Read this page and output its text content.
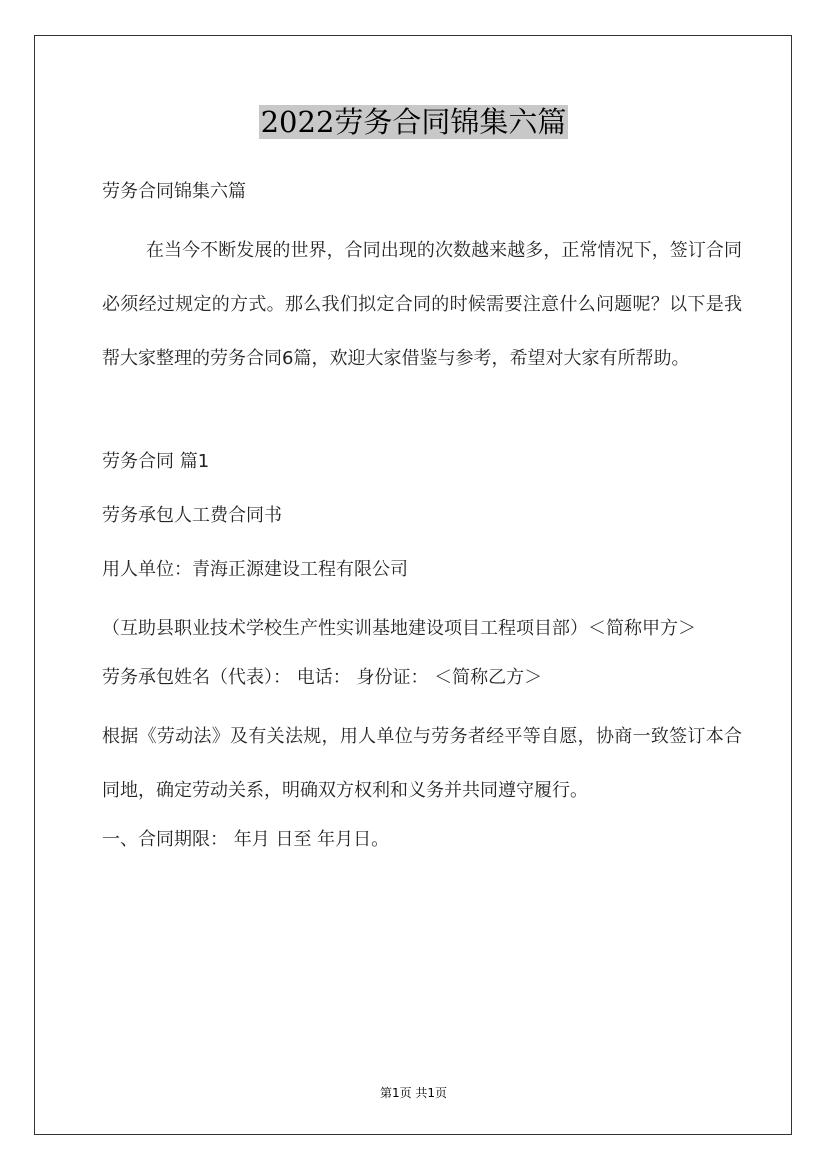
2022劳务合同锦集六篇
劳务合同锦集六篇

在当今不断发展的世界，合同出现的次数越来越多，正常情况下，签订合同必须经过规定的方式。那么我们拟定合同的时候需要注意什么问题呢？以下是我帮大家整理的劳务合同6篇，欢迎大家借鉴与参考，希望对大家有所帮助。

劳务合同 篇1
劳务承包人工费合同书
用人单位：青海正源建设工程有限公司

（互助县职业技术学校生产性实训基地建设项目工程项目部）＜简称甲方＞

劳务承包姓名（代表）： 电话： 身份证： ＜简称乙方＞

根据《劳动法》及有关法规，用人单位与劳务者经平等自愿，协商一致签订本合同地，确定劳动关系，明确双方权利和义务并共同遵守履行。

一、合同期限： 年月 日至 年月日。
第1页 共1页
